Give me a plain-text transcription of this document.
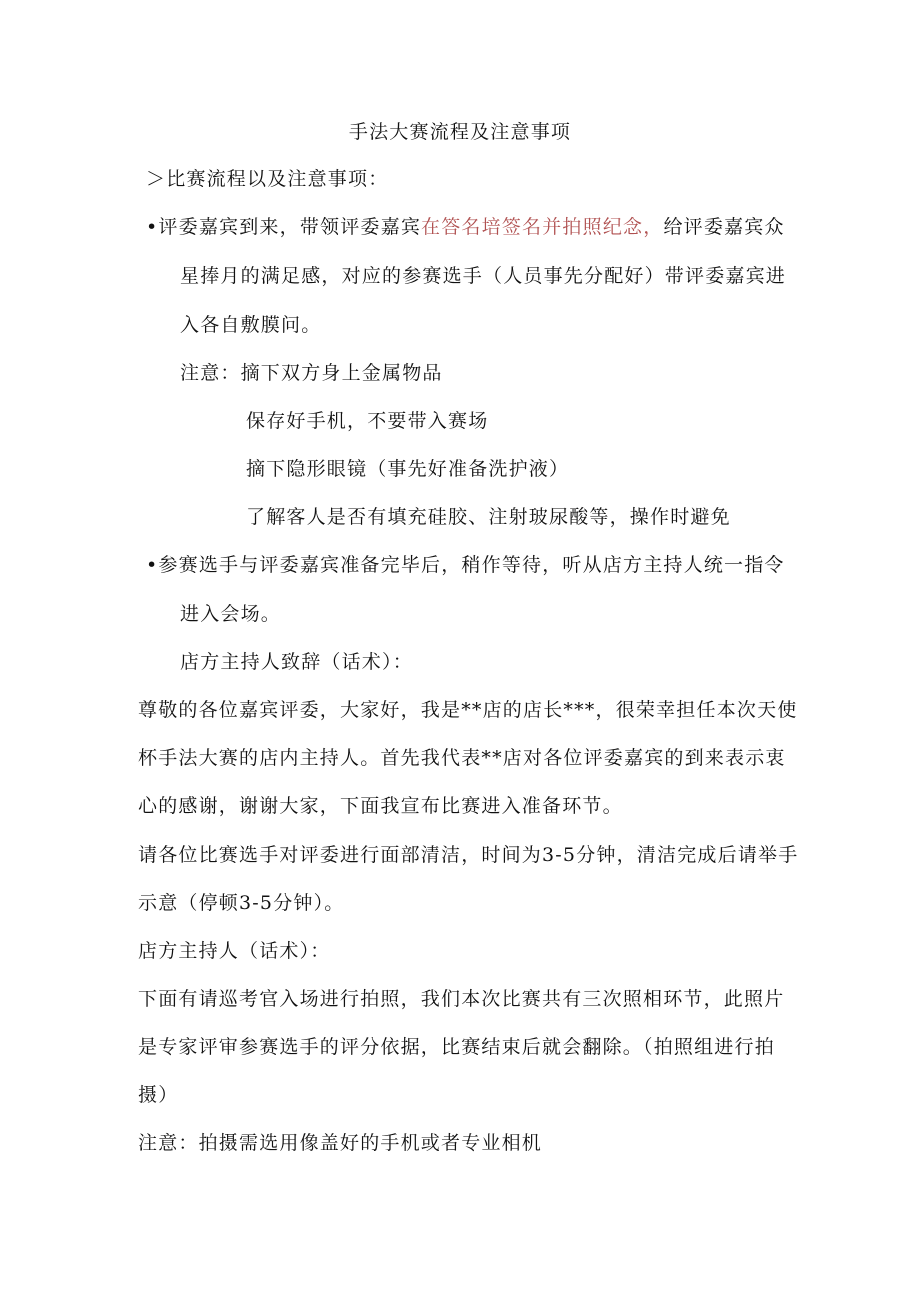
手法大赛流程及注意事项
＞比赛流程以及注意事项：
•评委嘉宾到来，带领评委嘉宾在答名培签名并拍照纪念，给评委嘉宾众
星捧月的满足感，对应的参赛选手（人员事先分配好）带评委嘉宾进
入各自敷膜问。
注意：摘下双方身上金属物品
保存好手机，不要带入赛场
摘下隐形眼镜（事先好准备洗护液）
了解客人是否有填充硅胶、注射玻尿酸等，操作时避免
•参赛选手与评委嘉宾准备完毕后，稍作等待，听从店方主持人统一指令
进入会场。
店方主持人致辞（话术）：
尊敬的各位嘉宾评委，大家好，我是**店的店长***，很荣幸担任本次天使
杯手法大赛的店内主持人。首先我代表**店对各位评委嘉宾的到来表示衷
心的感谢，谢谢大家，下面我宣布比赛进入准备环节。
请各位比赛选手对评委进行面部清洁，时间为3-5分钟，清洁完成后请举手
示意（停顿3-5分钟）。
店方主持人（话术）：
下面有请巡考官入场进行拍照，我们本次比赛共有三次照相环节，此照片
是专家评审参赛选手的评分依据，比赛结束后就会翻除。（拍照组进行拍
摄）
注意：拍摄需选用像盖好的手机或者专业相机
